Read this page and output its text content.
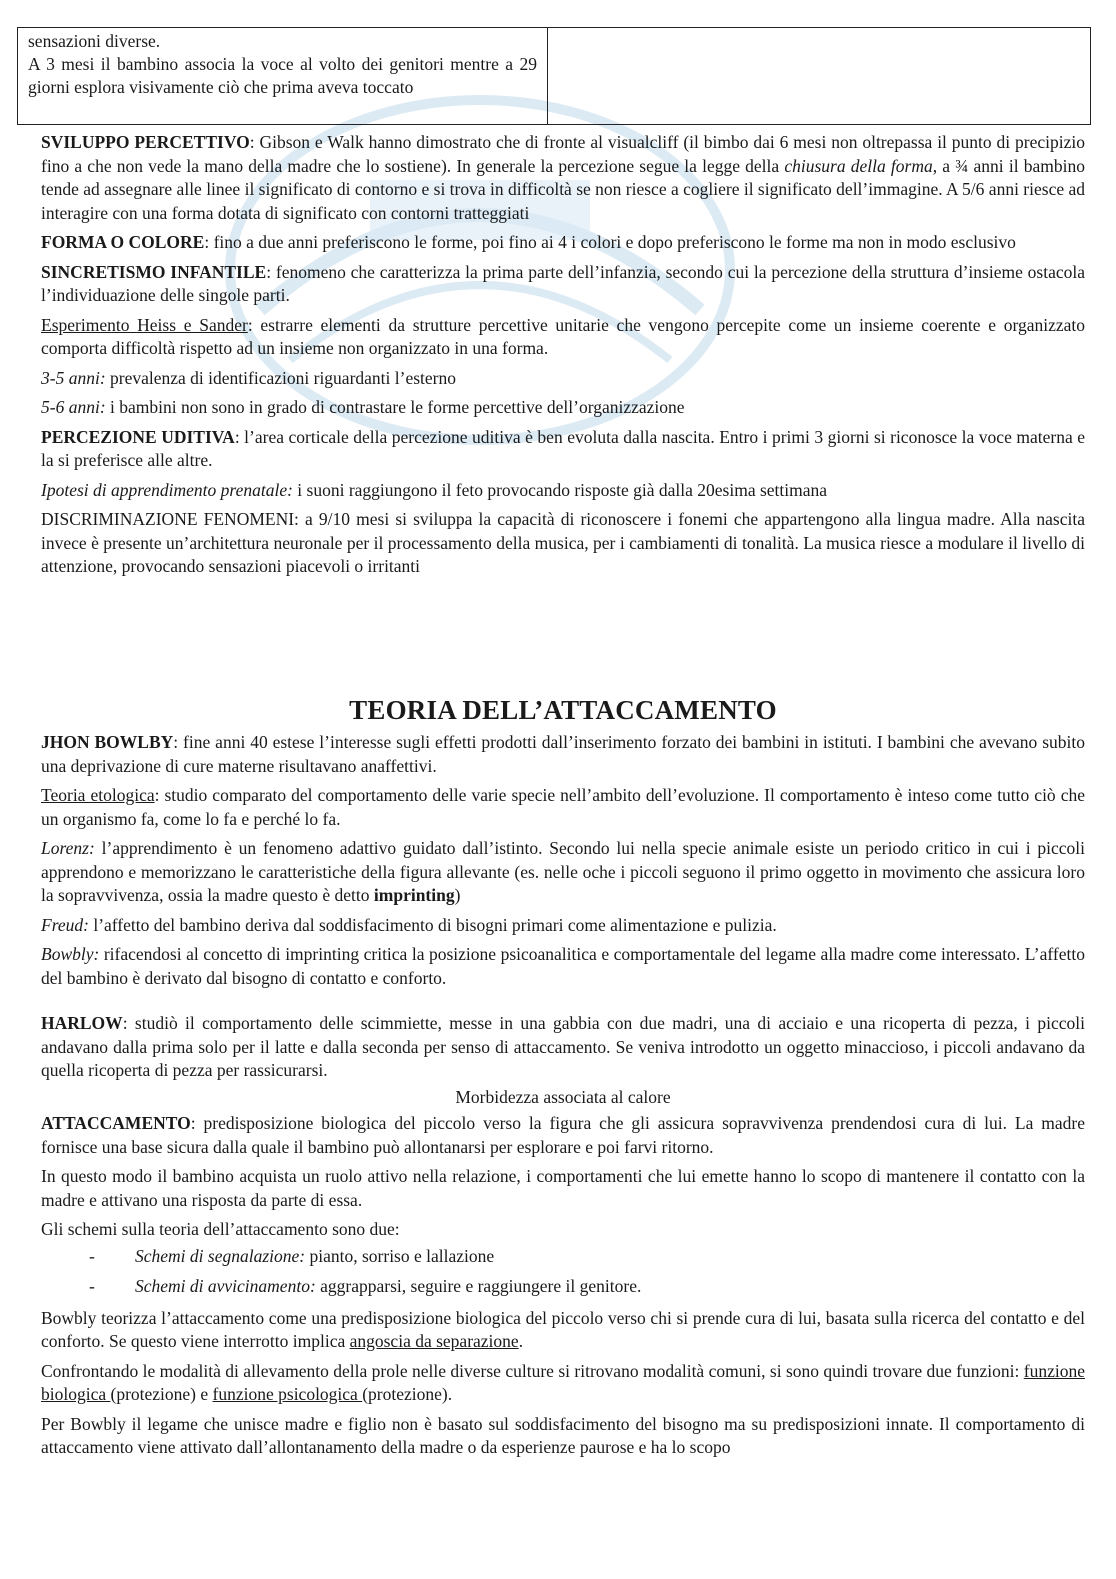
sensazioni diverse.
A 3 mesi il bambino associa la voce al volto dei genitori mentre a 29 giorni esplora visivamente ciò che prima aveva toccato

SVILUPPO PERCETTIVO: Gibson e Walk hanno dimostrato che di fronte al visualcliff (il bimbo dai 6 mesi non oltrepassa il punto di precipizio fino a che non vede la mano della madre che lo sostiene). In generale la percezione segue la legge della chiusura della forma, a ¾ anni il bambino tende ad assegnare alle linee il significato di contorno e si trova in difficoltà se non riesce a cogliere il significato dell’immagine. A 5/6 anni riesce ad interagire con una forma dotata di significato con contorni tratteggiati

FORMA O COLORE: fino a due anni preferiscono le forme, poi fino ai 4 i colori e dopo preferiscono le forme ma non in modo esclusivo

SINCRETISMO INFANTILE: fenomeno che caratterizza la prima parte dell’infanzia, secondo cui la percezione della struttura d’insieme ostacola l’individuazione delle singole parti.

Esperimento Heiss e Sander: estrarre elementi da strutture percettive unitarie che vengono percepite come un insieme coerente e organizzato comporta difficoltà rispetto ad un insieme non organizzato in una forma.

3-5 anni: prevalenza di identificazioni riguardanti l’esterno

5-6 anni: i bambini non sono in grado di contrastare le forme percettive dell’organizzazione

PERCEZIONE UDITIVA: l’area corticale della percezione uditiva è ben evoluta dalla nascita. Entro i primi 3 giorni si riconosce la voce materna e la si preferisce alle altre.

Ipotesi di apprendimento prenatale: i suoni raggiungono il feto provocando risposte già dalla 20esima settimana

DISCRIMINAZIONE FENOMENI: a 9/10 mesi si sviluppa la capacità di riconoscere i fonemi che appartengono alla lingua madre. Alla nascita invece è presente un’architettura neuronale per il processamento della musica, per i cambiamenti di tonalità. La musica riesce a modulare il livello di attenzione, provocando sensazioni piacevoli o irritanti

TEORIA DELL’ATTACCAMENTO

JHON BOWLBY: fine anni 40 estese l’interesse sugli effetti prodotti dall’inserimento forzato dei bambini in istituti. I bambini che avevano subito una deprivazione di cure materne risultavano anaffettivi.

Teoria etologica: studio comparato del comportamento delle varie specie nell’ambito dell’evoluzione. Il comportamento è inteso come tutto ciò che un organismo fa, come lo fa e perché lo fa.

Lorenz: l’apprendimento è un fenomeno adattivo guidato dall’istinto. Secondo lui nella specie animale esiste un periodo critico in cui i piccoli apprendono e memorizzano le caratteristiche della figura allevante (es. nelle oche i piccoli seguono il primo oggetto in movimento che assicura loro la sopravvivenza, ossia la madre questo è detto imprinting)

Freud: l’affetto del bambino deriva dal soddisfacimento di bisogni primari come alimentazione e pulizia.

Bowbly: rifacendosi al concetto di imprinting critica la posizione psicoanalitica e comportamentale del legame alla madre come interessato. L’affetto del bambino è derivato dal bisogno di contatto e conforto.

HARLOW: studiò il comportamento delle scimmiette, messe in una gabbia con due madri, una di acciaio e una ricoperta di pezza, i piccoli andavano dalla prima solo per il latte e dalla seconda per senso di attaccamento. Se veniva introdotto un oggetto minaccioso, i piccoli andavano da quella ricoperta di pezza per rassicurarsi.

Morbidezza associata al calore

ATTACCAMENTO: predisposizione biologica del piccolo verso la figura che gli assicura sopravvivenza prendendosi cura di lui. La madre fornisce una base sicura dalla quale il bambino può allontanarsi per esplorare e poi farvi ritorno.

In questo modo il bambino acquista un ruolo attivo nella relazione, i comportamenti che lui emette hanno lo scopo di mantenere il contatto con la madre e attivano una risposta da parte di essa.

Gli schemi sulla teoria dell’attaccamento sono due:

- Schemi di segnalazione: pianto, sorriso e lallazione
- Schemi di avvicinamento: aggrapparsi, seguire e raggiungere il genitore.

Bowbly teorizza l’attaccamento come una predisposizione biologica del piccolo verso chi si prende cura di lui, basata sulla ricerca del contatto e del conforto. Se questo viene interrotto implica angoscia da separazione.

Confrontando le modalità di allevamento della prole nelle diverse culture si ritrovano modalità comuni, si sono quindi trovare due funzioni: funzione biologica (protezione) e funzione psicologica (protezione).

Per Bowbly il legame che unisce madre e figlio non è basato sul soddisfacimento del bisogno ma su predisposizioni innate. Il comportamento di attaccamento viene attivato dall’allontanamento della madre o da esperienze paurose e ha lo scopo
